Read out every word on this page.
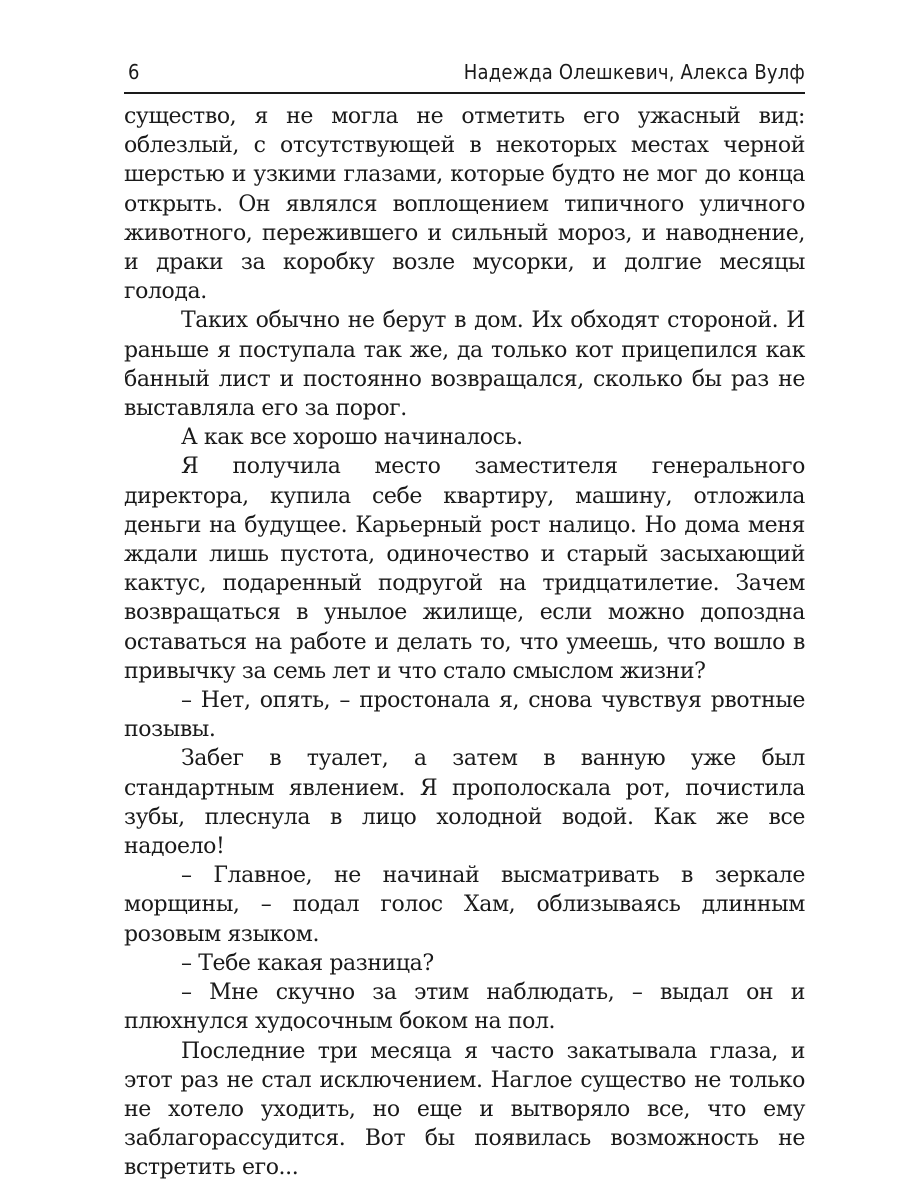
6	Надежда Олешкевич, Алекса Вулф

существо, я не могла не отметить его ужасный вид: облезлый, с отсутствующей в некоторых местах черной шерстью и узкими глазами, которые будто не мог до конца открыть. Он являлся воплощением типичного уличного животного, пережившего и сильный мороз, и наводнение, и драки за коробку возле мусорки, и долгие месяцы голода.

Таких обычно не берут в дом. Их обходят стороной. И раньше я поступала так же, да только кот прицепился как банный лист и постоянно возвращался, сколько бы раз не выставляла его за порог.

А как все хорошо начиналось.

Я получила место заместителя генерального директора, купила себе квартиру, машину, отложила деньги на будущее. Карьерный рост налицо. Но дома меня ждали лишь пустота, одиночество и старый засыхающий кактус, подаренный подругой на тридцатилетие. Зачем возвращаться в унылое жилище, если можно допоздна оставаться на работе и делать то, что умеешь, что вошло в привычку за семь лет и что стало смыслом жизни?

– Нет, опять, – простонала я, снова чувствуя рвотные позывы.

Забег в туалет, а затем в ванную уже был стандартным явлением. Я прополоскала рот, почистила зубы, плеснула в лицо холодной водой. Как же все надоело!

– Главное, не начинай высматривать в зеркале морщины, – подал голос Хам, облизываясь длинным розовым языком.

– Тебе какая разница?

– Мне скучно за этим наблюдать, – выдал он и плюхнулся худосочным боком на пол.

Последние три месяца я часто закатывала глаза, и этот раз не стал исключением. Наглое существо не только не хотело уходить, но еще и вытворяло все, что ему заблагорассудится. Вот бы появилась возможность не встретить его...
